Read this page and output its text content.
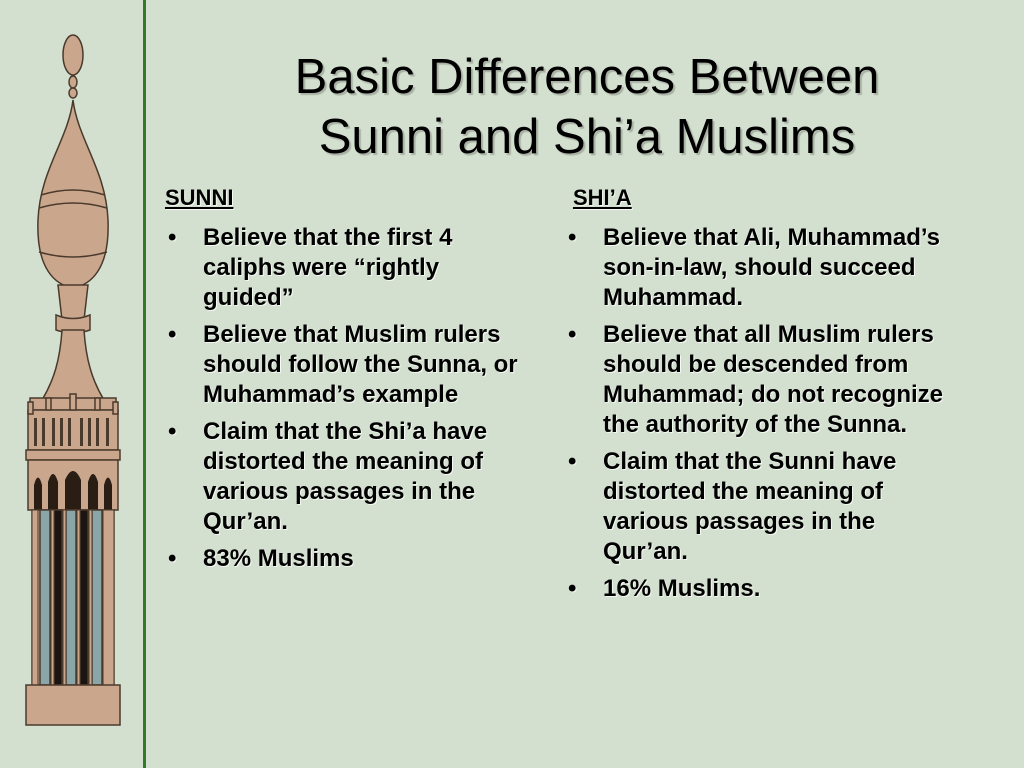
Basic Differences Between
Sunni and Shi’a Muslims
SUNNI
• Believe that the first 4 caliphs were “rightly guided”
• Believe that Muslim rulers should follow the Sunna, or Muhammad’s example
• Claim that the Shi’a have distorted the meaning of various passages in the Qur’an.
• 83% Muslims
SHI’A
• Believe that Ali, Muhammad’s son-in-law, should succeed Muhammad.
• Believe that all Muslim rulers should be descended from Muhammad; do not recognize the authority of the Sunna.
• Claim that the Sunni have distorted the meaning of various passages in the Qur’an.
• 16% Muslims.
